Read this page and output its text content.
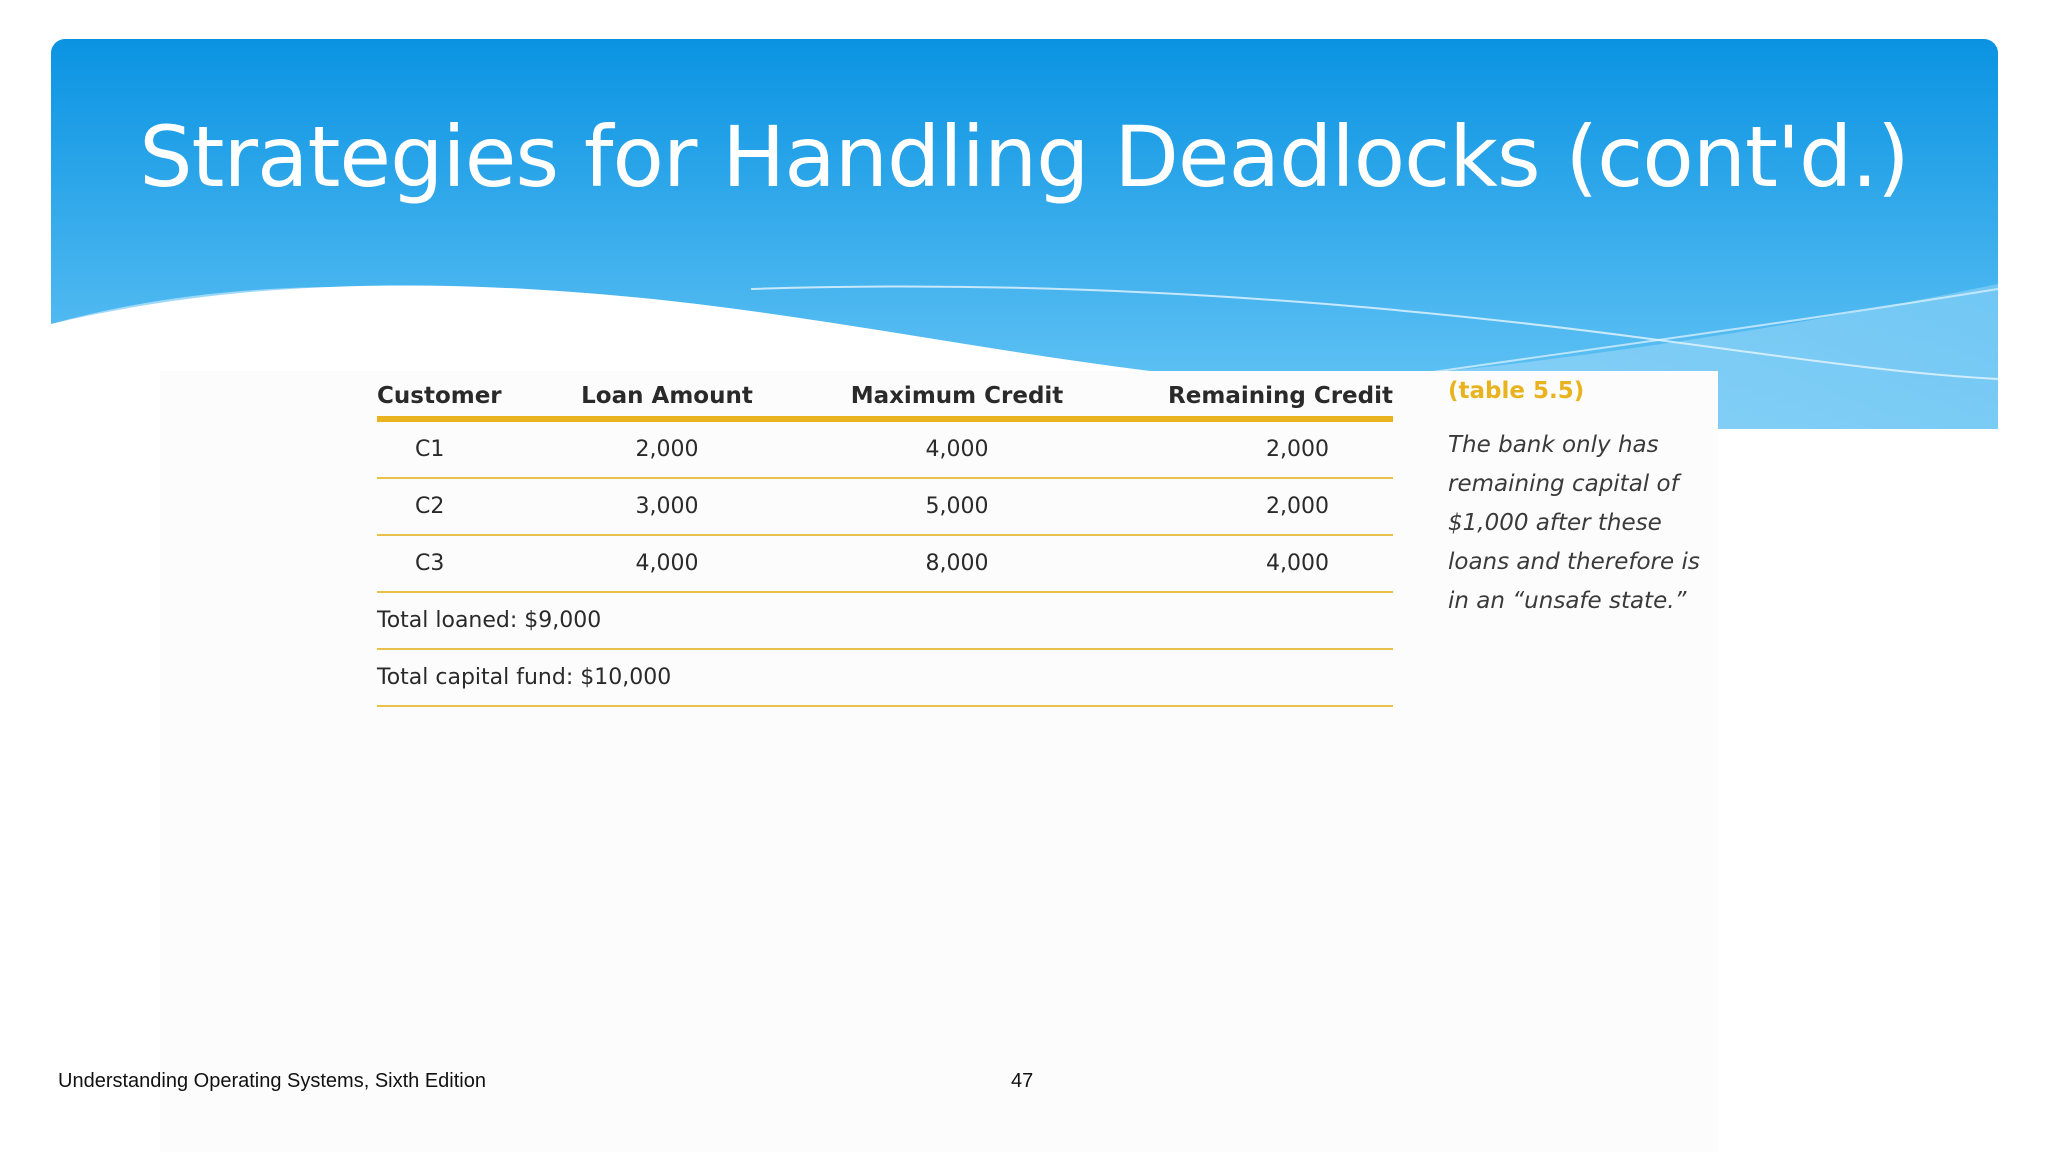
Strategies for Handling Deadlocks (cont'd.)
Customer	Loan Amount	Maximum Credit	Remaining Credit
C1	2,000	4,000	2,000
C2	3,000	5,000	2,000
C3	4,000	8,000	4,000
Total loaned: $9,000			
Total capital fund: $10,000			

(table 5.5)

The bank only has remaining capital of $1,000 after these loans and therefore is in an “unsafe state.”

Understanding Operating Systems, Sixth Edition	47
